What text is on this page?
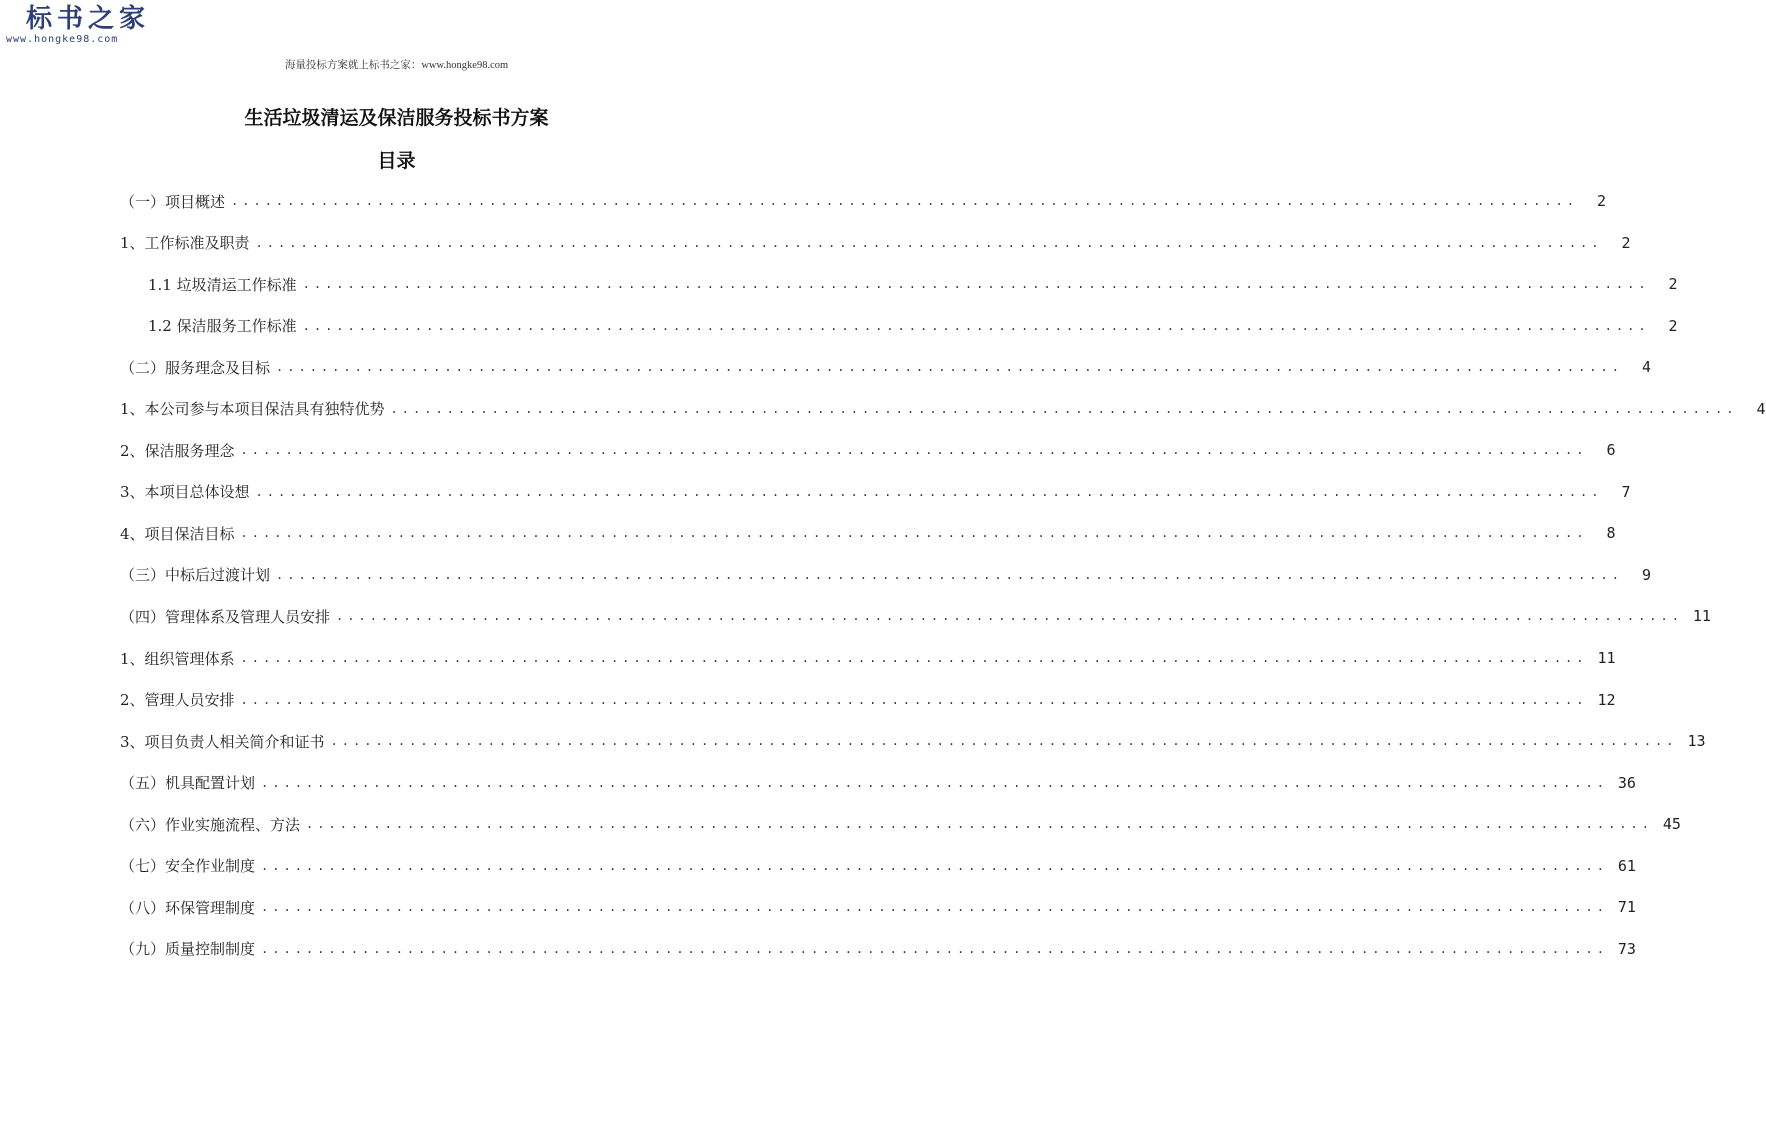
标书之家
www.hongke98.com
海量投标方案就上标书之家：www.hongke98.com
生活垃圾清运及保洁服务投标书方案
目录
（一）项目概述 ........................................................................................................................	2
1、工作标准及职责 ........................................................................................................................	2
1.1 垃圾清运工作标准 ........................................................................................................................	2
1.2 保洁服务工作标准 ........................................................................................................................	2
（二）服务理念及目标 ........................................................................................................................	4
1、本公司参与本项目保洁具有独特优势 ........................................................................................................................	4
2、保洁服务理念 ........................................................................................................................	6
3、本项目总体设想 ........................................................................................................................	7
4、项目保洁目标 ........................................................................................................................	8
（三）中标后过渡计划 ........................................................................................................................	9
（四）管理体系及管理人员安排 ........................................................................................................................ 11
1、组织管理体系 ........................................................................................................................ 11
2、管理人员安排 ........................................................................................................................ 12
3、项目负责人相关简介和证书 ........................................................................................................................ 13
（五）机具配置计划 ........................................................................................................................ 36
（六）作业实施流程、方法 ........................................................................................................................ 45
（七）安全作业制度 ........................................................................................................................ 61
（八）环保管理制度 ........................................................................................................................ 71
（九）质量控制制度 ........................................................................................................................ 73
